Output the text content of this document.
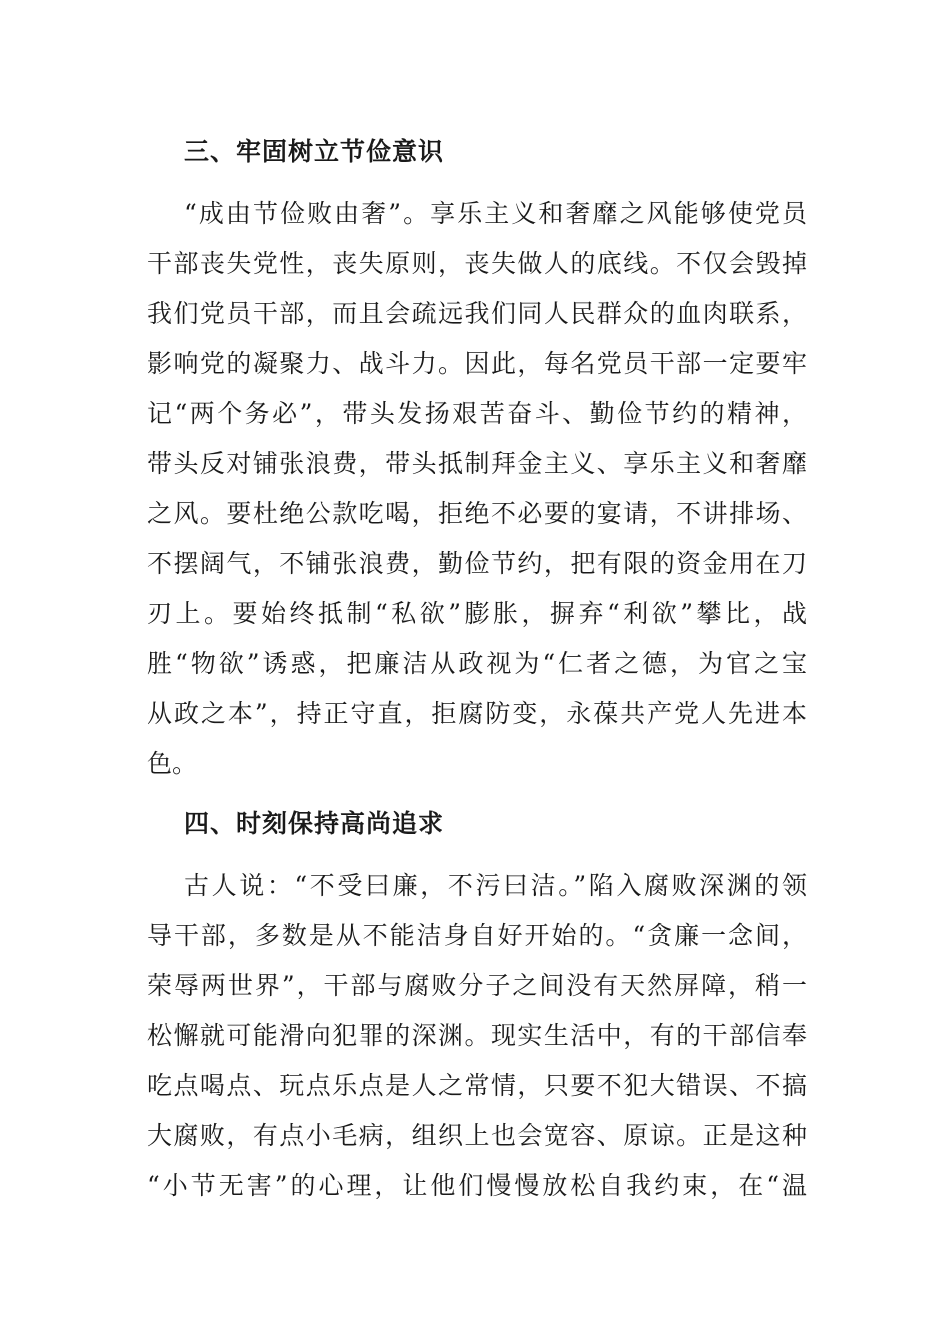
三、牢固树立节俭意识
“成由节俭败由奢”。享乐主义和奢靡之风能够使党员
干部丧失党性，丧失原则，丧失做人的底线。不仅会毁掉
我们党员干部，而且会疏远我们同人民群众的血肉联系，
影响党的凝聚力、战斗力。因此，每名党员干部一定要牢
记“两个务必”，带头发扬艰苦奋斗、勤俭节约的精神，
带头反对铺张浪费，带头抵制拜金主义、享乐主义和奢靡
之风。要杜绝公款吃喝，拒绝不必要的宴请，不讲排场、
不摆阔气，不铺张浪费，勤俭节约，把有限的资金用在刀
刃上。要始终抵制“私欲”膨胀，摒弃“利欲”攀比，战
胜“物欲”诱惑，把廉洁从政视为“仁者之德，为官之宝
从政之本”，持正守直，拒腐防变，永葆共产党人先进本
色。
四、时刻保持高尚追求
古人说：“不受曰廉，不污曰洁。”陷入腐败深渊的领
导干部，多数是从不能洁身自好开始的。“贪廉一念间，
荣辱两世界”，干部与腐败分子之间没有天然屏障，稍一
松懈就可能滑向犯罪的深渊。现实生活中，有的干部信奉
吃点喝点、玩点乐点是人之常情，只要不犯大错误、不搞
大腐败，有点小毛病，组织上也会宽容、原谅。正是这种
“小节无害”的心理，让他们慢慢放松自我约束，在“温
